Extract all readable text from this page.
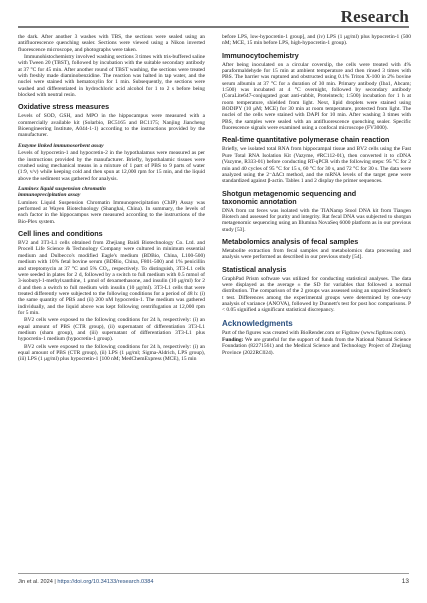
Research

the dark. After another 3 washes with TBS, the sections were sealed using an antifluorescence quenching sealer. Sections were viewed using a Nikon inverted fluorescence microscope, and photographs were taken.

Immunohistochemistry involved washing sections 3 times with tris-buffered saline with Tween 20 (TBST), followed by incubation with the suitable secondary antibody at 37 °C for 45 min. After another round of TBST washing, the sections were treated with freshly made diaminobenzidine. The reaction was halted in tap water, and the nuclei were stained with hematoxylin for 1 min. Subsequently, the sections were washed and differentiated in hydrochloric acid alcohol for 1 to 2 s before being blocked with neutral resin.

Oxidative stress measures

Levels of SOD, GSH, and MPO in the hippocampus were measured with a commercially available kit (Solarbio, BC5165 and BC1175; Nanjing Jiancheng Bioengineering Institute, A044-1-1) according to the instructions provided by the manufacturer.

Enzyme linked immunosorbent assay

Levels of hypocretin-1 and hypocretin-2 in the hypothalamus were measured as per the instructions provided by the manufacturer. Briefly, hypothalamic tissues were crushed using mechanical means in a mixture of 1 part of PBS to 9 parts of water (1:9, v/v) while keeping cold and then spun at 12,000 rpm for 15 min, and the liquid above the sediment was gathered for analysis.

Luminex liquid suspension chromatin
immunoprecipitation assay

Luminex Liquid Suspension Chromatin Immunoprecipitation (ChIP) Assay was performed at Wayen Biotechnology (Shanghai, China). In summary, the levels of each factor in the hippocampus were measured according to the instructions of the Bio-Plex system.

Cell lines and conditions

BV2 and 3T3-L1 cells obtained from Zhejiang Baidi Biotechnology Co. Ltd. and Procell Life Science & Technology Company were cultured in minimum essential medium and Dulbecco's modified Eagle's medium (BDBio, China, L100-500) medium with 10% fetal bovine serum (BDBio, China, F801-500) and 1% penicillin and streptomycin at 37 °C and 5% CO₂, respectively. To distinguish, 3T3-L1 cells were seeded in plates for 2 d, followed by a switch to full medium with 0.5 mmol of 3-isobutyl-1-methylxanthine, 1 μmol of dexamethasone, and insulin (10 μg/ml) for 2 d and then a switch to full medium with insulin (10 μg/ml). 3T3-L1 cells that were treated differently were subjected to the following conditions for a period of 48 h: (i) the same quantity of PBS and (ii) 200 nM hypocretin-1. The medium was gathered individually, and the liquid above was kept following centrifugation at 12,000 rpm for 5 min.

BV2 cells were exposed to the following conditions for 24 h, respectively: (i) an equal amount of PBS (CTR group), (ii) supernatant of differentiation 3T3-L1 medium (sham group), and (iii) supernatant of differentiation 3T3-L1 plus hypocretin-1 medium (hypocretin-1 group).

BV2 cells were exposed to the following conditions for 24 h, respectively: (i) an equal amount of PBS (CTR group), (ii) LPS (1 μg/ml; Sigma-Aldrich, LPS group), (iii) LPS (1 μg/ml) plus hypocretin-1 [100 nM; MedChemExpress (MCE), 15 min

before LPS, low-hypocretin-1 group], and (iv) LPS (1 μg/ml) plus hypocretin-1 (500 nM; MCE, 15 min before LPS, high-hypocretin-1 group).

Immunocytochemistry

After being inoculated on a circular coverslip, the cells were treated with 4% paraformaldehyde for 15 min at ambient temperature and then rinsed 3 times with PBS. The barrier was ruptured and obstructed using 0.1% Triton X-100 in 2% bovine serum albumin at 37 °C for a duration of 30 min. Primary antibody (Iba1, Abcam; 1:500) was incubated at 4 °C overnight, followed by secondary antibody (CoraLite647-conjugated goat anti-rabbit, Proteintech; 1:500) incubation for 1 h at room temperature, shielded from light. Next, lipid droplets were stained using BODIPY (10 μM; MCE) for 30 min at room temperature, protected from light. The nuclei of the cells were stained with DAPI for 10 min. After washing 3 times with PBS, the samples were sealed with an antifluorescence quenching sealer. Specific fluorescence signals were examined using a confocal microscope (FV3000).

Real-time quantitative polymerase chain reaction

Briefly, we isolated total RNA from hippocampal tissue and BV2 cells using the Fast Pure Total RNA Isolation Kit (Vazyme, #RC112-01), then converted it to cDNA (Vazyme, R333-01) before conducting RT-qPCR with the following steps: 95 °C for 2 min and 40 cycles of 95 °C for 15 s, 60 °C for 30 s, and 72 °C for 30 s. The data were analyzed using the 2⁻ΔΔCt method, and the mRNA levels of the target gene were standardized against β-actin. Tables 1 and 2 display the primer sequences.

Shotgun metagenomic sequencing and
taxonomic annotation

DNA from rat feces was isolated with the TIANamp Stool DNA kit from Tiangen Biotech and assessed for purity and integrity. Rat fecal DNA was subjected to shotgun metagenomic sequencing using an Illumina NovaSeq 6000 platform as in our previous study [53].

Metabolomics analysis of fecal samples

Metabolite extraction from fecal samples and metabolomics data processing and analysis were performed as described in our previous study [54].

Statistical analysis

GraphPad Prism software was utilized for conducting statistical analyses. The data were displayed as the average ± the SD for variables that followed a normal distribution. The comparison of the 2 groups was assessed using an unpaired Student's t test. Differences among the experimental groups were determined by one-way analysis of variance (ANOVA), followed by Dunnett's test for post hoc comparisons. P < 0.05 signified a significant statistical discrepancy.

Acknowledgments

Part of the figures was created with BioRender.com or Figdraw (www.figdraw.com).

Funding: We are grateful for the support of funds from the National Natural Science Foundation (82271561) and the Medical Science and Technology Project of Zhejiang Province (2022RC024).

Jin et al. 2024 | https://doi.org/10.34133/research.0384	13
